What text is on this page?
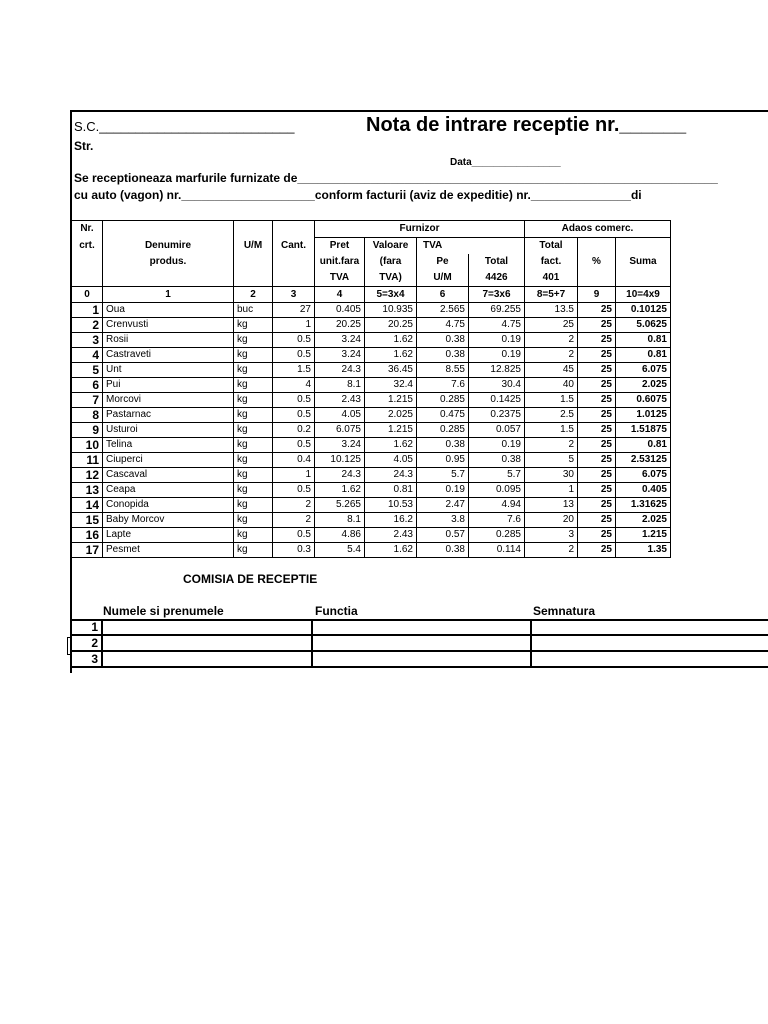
S.C.___________________________	Nota de intrare receptie nr.______
Str.
Data________________
Se receptioneaza marfurile furnizate de_______________________________________________________________
cu auto (vagon) nr.____________________conform facturii (aviz de expeditie) nr._______________di
Nr.				Furnizor				Adaos comerc.		
crt.	Denumire	U/M	Cant.	Pret	Valoare	TVA		Total		
	produs.			unit.fara	(fara	Pe	Total	fact.	%	Suma
				TVA	TVA)	U/M	4426	401		
0	1	2	3	4	5=3x4	6	7=3x6	8=5+7	9	10=4x9
1	Oua	buc	27	0.405	10.935	2.565	69.255	13.5	25	0.10125
2	Crenvusti	kg	1	20.25	20.25	4.75	4.75	25	25	5.0625
3	Rosii	kg	0.5	3.24	1.62	0.38	0.19	2	25	0.81
4	Castraveti	kg	0.5	3.24	1.62	0.38	0.19	2	25	0.81
5	Unt	kg	1.5	24.3	36.45	8.55	12.825	45	25	6.075
6	Pui	kg	4	8.1	32.4	7.6	30.4	40	25	2.025
7	Morcovi	kg	0.5	2.43	1.215	0.285	0.1425	1.5	25	0.6075
8	Pastarnac	kg	0.5	4.05	2.025	0.475	0.2375	2.5	25	1.0125
9	Usturoi	kg	0.2	6.075	1.215	0.285	0.057	1.5	25	1.51875
10	Telina	kg	0.5	3.24	1.62	0.38	0.19	2	25	0.81
11	Ciuperci	kg	0.4	10.125	4.05	0.95	0.38	5	25	2.53125
12	Cascaval	kg	1	24.3	24.3	5.7	5.7	30	25	6.075
13	Ceapa	kg	0.5	1.62	0.81	0.19	0.095	1	25	0.405
14	Conopida	kg	2	5.265	10.53	2.47	4.94	13	25	1.31625
15	Baby Morcov	kg	2	8.1	16.2	3.8	7.6	20	25	2.025
16	Lapte	kg	0.5	4.86	2.43	0.57	0.285	3	25	1.215
17	Pesmet	kg	0.3	5.4	1.62	0.38	0.114	2	25	1.35
COMISIA DE RECEPTIE
Numele si prenumele	Functia	Semnatura
1			
2			
3			
